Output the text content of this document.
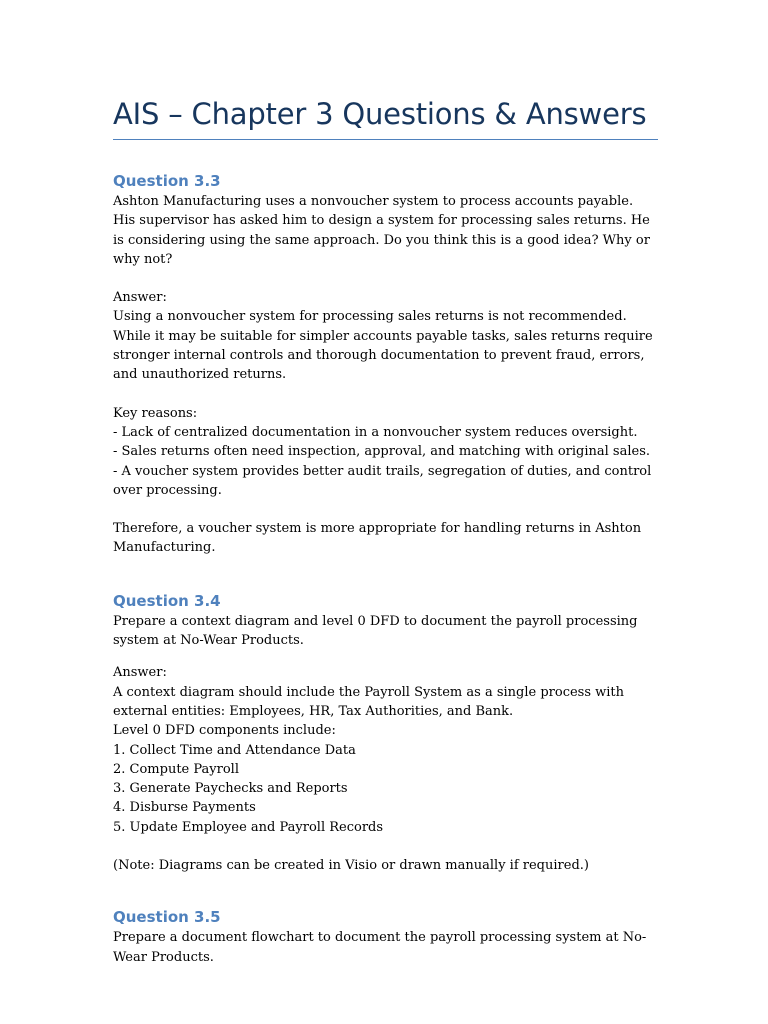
AIS – Chapter 3 Questions & Answers
Question 3.3

Ashton Manufacturing uses a nonvoucher system to process accounts payable. His supervisor has asked him to design a system for processing sales returns. He is considering using the same approach. Do you think this is a good idea? Why or why not?

Answer:

Using a nonvoucher system for processing sales returns is not recommended. While it may be suitable for simpler accounts payable tasks, sales returns require stronger internal controls and thorough documentation to prevent fraud, errors, and unauthorized returns.

Key reasons:

- Lack of centralized documentation in a nonvoucher system reduces oversight.
- Sales returns often need inspection, approval, and matching with original sales.
- A voucher system provides better audit trails, segregation of duties, and control over processing.

Therefore, a voucher system is more appropriate for handling returns in Ashton Manufacturing.

Question 3.4

Prepare a context diagram and level 0 DFD to document the payroll processing system at No-Wear Products.

Answer:

A context diagram should include the Payroll System as a single process with external entities: Employees, HR, Tax Authorities, and Bank.

Level 0 DFD components include:

1. Collect Time and Attendance Data
2. Compute Payroll
3. Generate Paychecks and Reports
4. Disburse Payments
5. Update Employee and Payroll Records

(Note: Diagrams can be created in Visio or drawn manually if required.)

Question 3.5

Prepare a document flowchart to document the payroll processing system at No-Wear Products.
